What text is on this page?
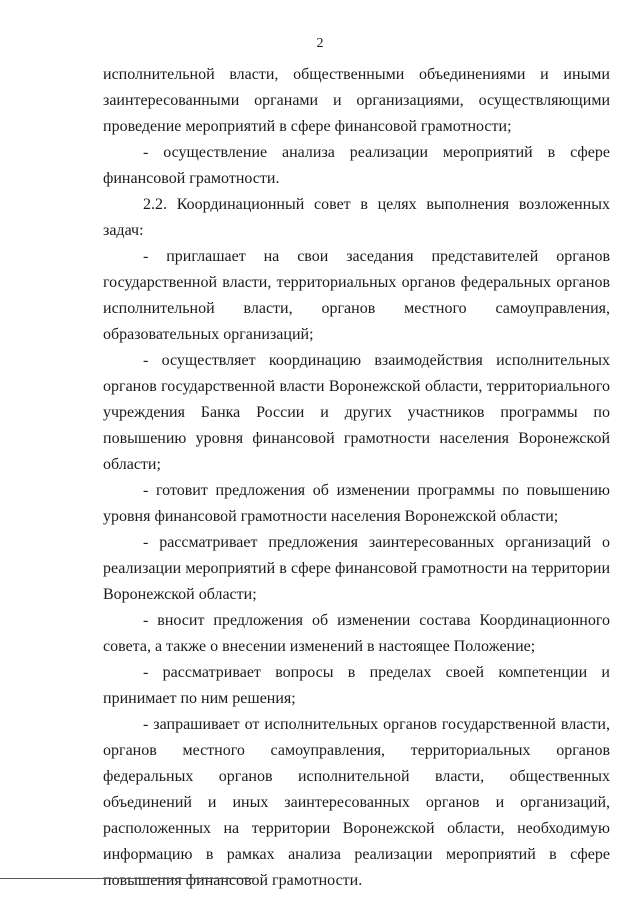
2

исполнительной власти, общественными объединениями и иными заинтересованными органами и организациями, осуществляющими проведение мероприятий в сфере финансовой грамотности;

- осуществление анализа реализации мероприятий в сфере финансовой грамотности.

2.2. Координационный совет в целях выполнения возложенных задач:

- приглашает на свои заседания представителей органов государственной власти, территориальных органов федеральных органов исполнительной власти, органов местного самоуправления, образовательных организаций;

- осуществляет координацию взаимодействия исполнительных органов государственной власти Воронежской области, территориального учреждения Банка России и других участников программы по повышению уровня финансовой грамотности населения Воронежской области;

- готовит предложения об изменении программы по повышению уровня финансовой грамотности населения Воронежской области;

- рассматривает предложения заинтересованных организаций о реализации мероприятий в сфере финансовой грамотности на территории Воронежской области;

- вносит предложения об изменении состава Координационного совета, а также о внесении изменений в настоящее Положение;

- рассматривает вопросы в пределах своей компетенции и принимает по ним решения;

- запрашивает от исполнительных органов государственной власти, органов местного самоуправления, территориальных органов федеральных органов исполнительной власти, общественных объединений и иных заинтересованных органов и организаций, расположенных на территории Воронежской области, необходимую информацию в рамках анализа реализации мероприятий в сфере повышения финансовой грамотности.
